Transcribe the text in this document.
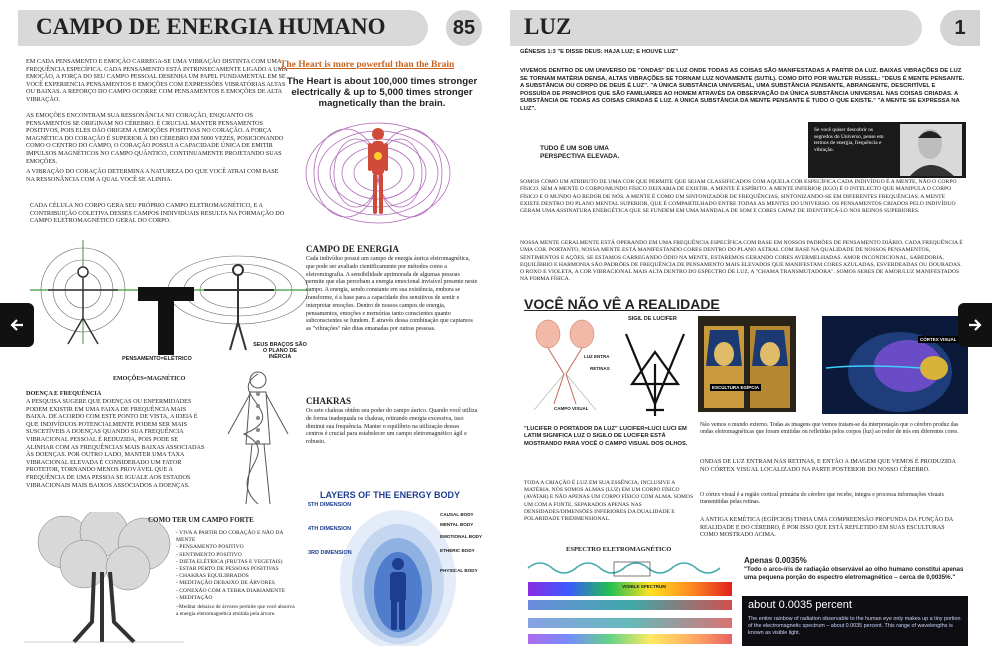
CAMPO DE ENERGIA HUMANO	85
EM CADA PENSAMENTO E EMOÇÃO CARREGA-SE UMA VIBRAÇÃO DISTINTA COM UMA FREQUÊNCIA ESPECÍFICA. CADA PENSAMENTO ESTÁ INTRINSECAMENTE LIGADO A UMA EMOÇÃO, A FORÇA DO SEU CAMPO PESSOAL DESENHA UM PAPEL FUNDAMENTAL EM SE VOCÊ EXPERIENCIA PENSAMENTOS E EMOÇÕES COM EXPRESSÕES VIBRATÓRIAS ALTAS OU BAIXAS. A REFORÇO DO CAMPO OCORRE COM PENSAMENTOS E EMOÇÕES DE ALTA VIBRAÇÃO.
AS EMOÇÕES ENCONTRAM SUA RESSONÂNCIA NO CORAÇÃO, ENQUANTO OS PENSAMENTOS SE ORIGINAM NO CÉREBRO. É CRUCIAL MANTER PENSAMENTOS POSITIVOS, POIS ELES DÃO ORIGEM A EMOÇÕES POSITIVAS NO CORAÇÃO. A FORÇA MAGNÉTICA DO CORAÇÃO É SUPERIOR À DO CÉREBRO EM 5000 VEZES, POSICIONANDO COMO O CENTRO DO CAMPO, O CORAÇÃO POSSUI A CAPACIDADE ÚNICA DE EMITIR IMPULSOS MAGNÉTICOS NO CAMPO QUÂNTICO, CONTINUAMENTE PROJETANDO SUAS EMOÇÕES.
A VIBRAÇÃO DO CORAÇÃO DETERMINA A NATUREZA DO QUE VOCÊ ATRAI COM BASE NA RESSONÂNCIA COM A QUAL VOCÊ SE ALINHA.
CADA CÉLULA NO CORPO GERA SEU PRÓPRIO CAMPO ELETROMAGNÉTICO, E A CONTRIBUIÇÃO COLETIVA DESSES CAMPOS INDIVIDUAIS RESULTA NA FORMAÇÃO DO CAMPO ELETROMAGNÉTICO GERAL DO CORPO.
The Heart is more powerful than the Brain
The Heart is about 100,000 times stronger electrically & up to 5,000 times stronger magnetically than the brain.
PENSAMENTO=ELÉTRICO
SEUS BRAÇOS SÃO O PLANO DE INÉRCIA
EMOÇÕES=MAGNÉTICO
CAMPO DE ENERGIA
Cada indivíduo possui um campo de energia áurica eletromagnética, que pode ser avaliado cientificamente por métodos como a eletromiografia. A sensibilidade aprimorada de algumas pessoas permite que elas percebam a energia emocional invisível presente neste campo. A energia, sendo constante em sua existência, embora se transforme, é a base para a capacidade dos sensitivos de sentir e interpretar emoções. Dentro de nossos campos de energia, pensamentos, emoções e memórias tanto conscientes quanto subconscientes se fundem. É através dessa combinação que captamos as "vibrações" não ditas emanadas por outras pessoas.
DOENÇA E FREQUÊNCIA
A PESQUISA SUGERE QUE DOENÇAS OU ENFERMIDADES PODEM EXISTIR EM UMA FAIXA DE FREQUÊNCIA MAIS BAIXA. DE ACORDO COM ESTE PONTO DE VISTA, A IDEIA É QUE INDIVÍDUOS POTENCIALMENTE PODEM SER MAIS SUSCETÍVEIS A DOENÇAS QUANDO SUA FREQUÊNCIA VIBRACIONAL PESSOAL É REDUZIDA, POIS PODE SE ALINHAR COM AS FREQUÊNCIAS MAIS BAIXAS ASSOCIADAS ÀS DOENÇAS. POR OUTRO LADO, MANTER UMA TAXA VIBRACIONAL ELEVADA É CONSIDERADO UM FATOR PROTETOR, TORNANDO MENOS PROVÁVEL QUE A FREQUÊNCIA DE UMA PESSOA SE IGUALE AOS ESTADOS VIBRACIONAIS MAIS BAIXOS ASSOCIADOS A DOENÇAS.
CHAKRAS
Os sete chakras obtêm seu poder do campo áurico. Quando você utiliza de forma inadequada os chakras, retirando energia excessiva, isso diminui sua frequência. Manter o equilíbrio na utilização desses centros é crucial para estabelecer um campo eletromagnético ágil e robusto.
COMO TER UM CAMPO FORTE
- VIVA A PARTIR DO CORAÇÃO E NÃO DA MENTE
- PENSAMENTO POSITIVO
- SENTIMENTO POSITIVO
- DIETA ELÉTRICA (FRUTAS E VEGETAIS)
- ESTAR PERTO DE PESSOAS POSITIVAS
- CHAKRAS EQUILIBRADOS
- MEDITAÇÃO DEBAIXO DE ÁRVORES
- CONEXÃO COM A TERRA DIARIAMENTE
- MEDITAÇÃO
~Meditar debaixo de árvores permite que você absorva a energia eletromagnética emitida pela árvore.
LAYERS OF THE ENERGY BODY
5TH DIMENSION
4TH DIMENSION
3RD DIMENSION
CAUSAL BODY
MENTAL BODY
EMOTIONAL BODY
ETHERIC BODY
PHYSICAL BODY
LUZ	1
GÊNESIS 1:3 "E DISSE DEUS: HAJA LUZ; E HOUVE LUZ"
VIVEMOS DENTRO DE UM UNIVERSO DE "ONDAS" DE LUZ ONDE TODAS AS COISAS SÃO MANIFESTADAS A PARTIR DA LUZ. BAIXAS VIBRAÇÕES DE LUZ SE TORNAM MATÉRIA DENSA, ALTAS VIBRAÇÕES SE TORNAM LUZ NOVAMENTE (SUTIL). COMO DITO POR WALTER RUSSEL: "DEUS É MENTE PENSANTE. A SUBSTÂNCIA OU CORPO DE DEUS É LUZ". "A ÚNICA SUBSTÂNCIA UNIVERSAL, UMA SUBSTÂNCIA PENSANTE, ABRANGENTE, DESCRITÍVEL E POSSUÍDA DE PRINCÍPIOS QUE SÃO FAMILIARES AO HOMEM ATRAVÉS DA OBSERVAÇÃO DA ÚNICA SUBSTÂNCIA UNIVERSAL NAS COISAS CRIADAS. A SUBSTÂNCIA DE TODAS AS COISAS CRIADAS É LUZ. A ÚNICA SUBSTÂNCIA DA MENTE PENSANTE É TUDO O QUE EXISTE." "A MENTE SE EXPRESSA NA LUZ".
TUDO É UM SOB UMA PERSPECTIVA ELEVADA.
Se você quiser descobrir os segredos do Universo, pense em termos de energia, frequência e vibração.
SOMOS COMO UM ATRIBUTO DE UMA COR QUE PERMITE QUE SEJAM CLASSIFICADOS COM AQUELA COR ESPECÍFICA CADA INDIVÍDUO É A MENTE, NÃO O CORPO FÍSICO. SEM A MENTE O CORPO/MUNDO FÍSICO DEIXARIA DE EXISTIR. A MENTE É ESPÍRITO. A MENTE INFERIOR (EGO) É O INTELECTO QUE MANIPULA O CORPO FÍSICO E O MUNDO AO REDOR DE NÓS. A MENTE É COMO UM SINTONIZADOR DE FREQUÊNCIAS, SINTONIZANDO-SE EM DIFERENTES FREQUÊNCIAS. A MENTE EXISTE DENTRO DO PLANO MENTAL SUPERIOR, QUE É COMPARTILHADO ENTRE TODAS AS MENTES DO UNIVERSO. OS PENSAMENTOS CRIADOS PELO INDIVÍDUO GERAM UMA ASSINATURA ENERGÉTICA QUE SE FUNDEM EM UMA MANDALA DE SOM E CORES CAPAZ DE IDENTIFICÁ-LO NOS REINOS SUPERIORES.
NOSSA MENTE GERALMENTE ESTÁ OPERANDO EM UMA FREQUÊNCIA ESPECÍFICA COM BASE EM NOSSOS PADRÕES DE PENSAMENTO DIÁRIO. CADA FREQUÊNCIA É UMA COR. PORTANTO, NOSSA MENTE ESTÁ MANIFESTANDO CORES DENTRO DO PLANO ASTRAL COM BASE NA QUALIDADE DE NOSSOS PENSAMENTOS, SENTIMENTOS E AÇÕES. SE ESTAMOS CARREGANDO ÓDIO NA MENTE, ESTAREMOS GERANDO CORES AVERMELHADAS. AMOR INCONDICIONAL, SABEDORIA, EQUILÍBRIO E HARMONIA SÃO PADRÕES DE FREQUÊNCIA DE PENSAMENTO MAIS ELEVADOS QUE MANIFESTAM CORES AZULADAS, ESVERDEADAS OU DOURADAS. O ROXO E VIOLETA, A COR VIBRACIONAL MAIS ALTA DENTRO DO ESPECTRO DE LUZ, A "CHAMA TRANSMUTADORA". SOMOS SERES DE AMOR/LUZ MANIFESTADOS NA FORMA FÍSICA.
VOCÊ NÃO VÊ A REALIDADE
LUZ ENTRA
RETINAS
CAMPO VISUAL
SIGIL DE LUCIFER
ESCULTURA EGÍPCIA
CÓRTEX VISUAL
"LUCIFER O PORTADOR DA LUZ" LUCIFER=LUCI LUCI EM LATIM SIGNIFICA LUZ O SIGILO DE LUCIFER ESTÁ MOSTRANDO PARA VOCÊ O CAMPO VISUAL DOS OLHOS.
Não vemos o mundo externo. Todas as imagens que vemos tratam-se da interpretação que o cérebro produz das ondas eletromagnéticas que foram emitidas ou refletidas pelos corpos (luz) ao redor de nós em diferentes cores.
ONDAS DE LUZ ENTRAM NAS RETINAS, E ENTÃO A IMAGEM QUE VEMOS É PRODUZIDA NO CÓRTEX VISUAL LOCALIZADO NA PARTE POSTERIOR DO NOSSO CÉREBRO.
O córtex visual é a região cortical primária do cérebro que recebe, integra e processa informações visuais transmitidas pelas retinas.
A ANTIGA KEMÉTICA (EGÍPCIOS) TINHA UMA COMPREENSÃO PROFUNDA DA FUNÇÃO DA REALIDADE E DO CÉREBRO, É POR ISSO QUE ESTÁ REFLETIDO EM SUAS ESCULTURAS COMO MOSTRADO ACIMA.
TODA A CRIAÇÃO É LUZ EM SUA ESSÊNCIA, INCLUSIVE A MATÉRIA. NÓS SOMOS ALMAS (LUZ) EM UM CORPO FÍSICO (AVATAR) E NÃO APENAS UM CORPO FÍSICO COM ALMA. SOMOS UM COM A FONTE, SEPARADOS APENAS NAS DENSIDADES/DIMENSÕES INFERIORES DA DUALIDADE E POLARIDADE TRIDIMENSIONAL.
ESPECTRO ELETROMAGNÉTICO
VISIBLE SPECTRUM
WAVELENGTH
Apenas 0.0035%
"Todo o arco-íris de radiação observável ao olho humano constitui apenas uma pequena porção do espectro eletromagnético – cerca de 0,0035%."
about 0.0035 percent
The entire rainbow of radiation observable to the human eye only makes up a tiny portion of the electromagnetic spectrum – about 0.0035 percent. This range of wavelengths is known as visible light.
